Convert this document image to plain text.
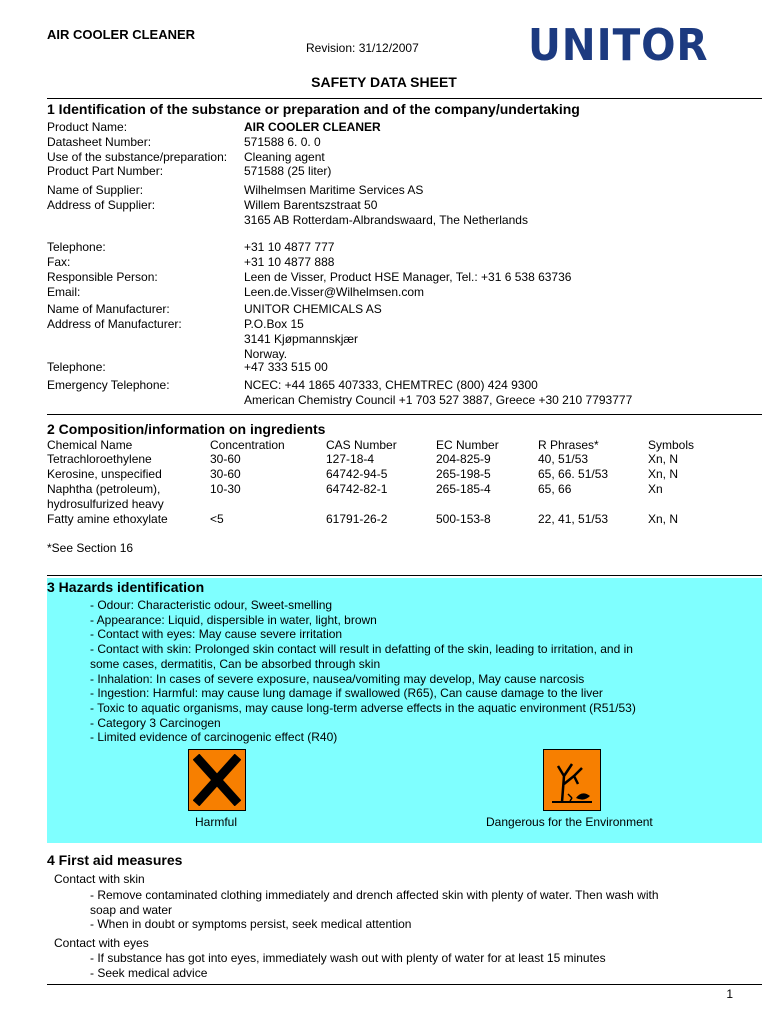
AIR COOLER CLEANER
Revision: 31/12/2007 UNITOR
SAFETY DATA SHEET
1 Identification of the substance or preparation and of the company/undertaking
Product Name:	AIR COOLER CLEANER
Datasheet Number:	571588 6. 0. 0
Use of the substance/preparation: Cleaning agent
Product Part Number:	571588 (25 liter)
Name of Supplier:	Wilhelmsen Maritime Services AS
Address of Supplier:	Willem Barentszstraat 50
3165 AB Rotterdam-Albrandswaard, The Netherlands
Telephone:	+31 10 4877 777
Fax:	+31 10 4877 888
Responsible Person:	Leen de Visser, Product HSE Manager, Tel.: +31 6 538 63736
Email:	Leen.de.Visser@Wilhelmsen.com
Name of Manufacturer:	UNITOR CHEMICALS AS
Address of Manufacturer:	P.O.Box 15
3141 Kjøpmannskjær
Norway.
Telephone:	+47 333 515 00
Emergency Telephone:	NCEC: +44 1865 407333, CHEMTREC (800) 424 9300
American Chemistry Council +1 703 527 3887, Greece +30 210 7793777
2 Composition/information on ingredients
Chemical Name	Concentration	CAS Number	EC Number	R Phrases*	Symbols
Tetrachloroethylene	30-60	127-18-4	204-825-9	40, 51/53	Xn, N
Kerosine, unspecified	30-60	64742-94-5	265-198-5	65, 66. 51/53	Xn, N
Naphtha (petroleum),	10-30	64742-82-1	265-185-4	65, 66	Xn
hydrosulfurized heavy
Fatty amine ethoxylate	<5	61791-26-2	500-153-8	22, 41, 51/53	Xn, N
*See Section 16
3 Hazards identification
- Odour: Characteristic odour, Sweet-smelling
- Appearance: Liquid, dispersible in water, light, brown
- Contact with eyes: May cause severe irritation
- Contact with skin: Prolonged skin contact will result in defatting of the skin, leading to irritation, and in
some cases, dermatitis, Can be absorbed through skin
- Inhalation: In cases of severe exposure, nausea/vomiting may develop, May cause narcosis
- Ingestion: Harmful: may cause lung damage if swallowed (R65), Can cause damage to the liver
- Toxic to aquatic organisms, may cause long-term adverse effects in the aquatic environment (R51/53)
- Category 3 Carcinogen
- Limited evidence of carcinogenic effect (R40)
Harmful	Dangerous for the Environment
4 First aid measures
Contact with skin
- Remove contaminated clothing immediately and drench affected skin with plenty of water. Then wash with
soap and water
- When in doubt or symptoms persist, seek medical attention
Contact with eyes
- If substance has got into eyes, immediately wash out with plenty of water for at least 15 minutes
- Seek medical advice
1
